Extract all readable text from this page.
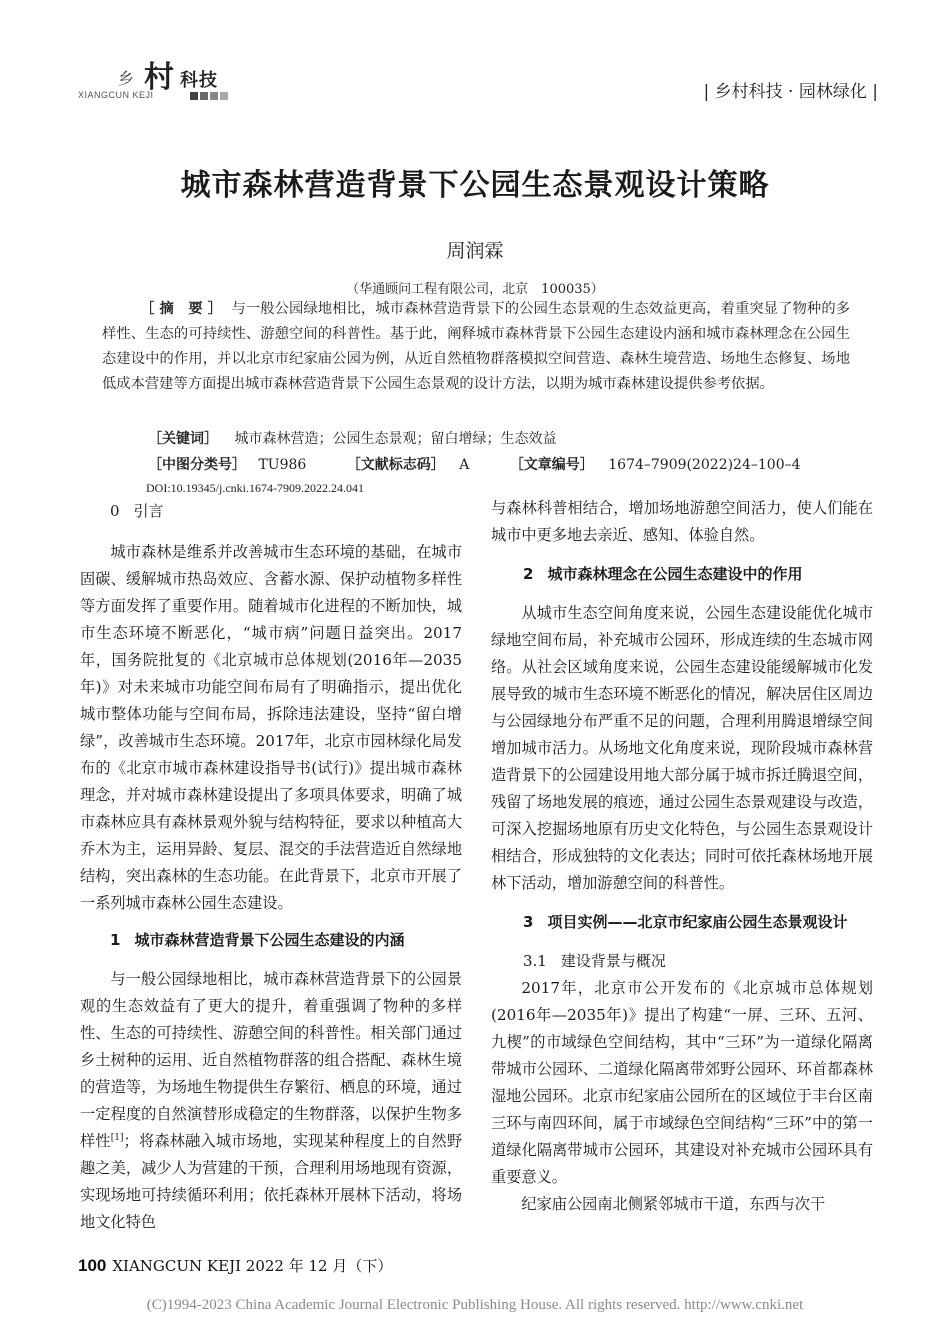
乡 村 科技
XIANGCUN KEJI	| 乡村科技 · 园林绿化 |
城市森林营造背景下公园生态景观设计策略
周润霖
（华通顾问工程有限公司，北京　100035）
［ 摘　要 ］ 与一般公园绿地相比，城市森林营造背景下的公园生态景观的生态效益更高，着重突显了物种的多样性、生态的可持续性、游憩空间的科普性。基于此，阐释城市森林背景下公园生态建设内涵和城市森林理念在公园生态建设中的作用，并以北京市纪家庙公园为例，从近自然植物群落模拟空间营造、森林生境营造、场地生态修复、场地低成本营建等方面提出城市森林营造背景下公园生态景观的设计方法，以期为城市森林建设提供参考依据。
［关键词］ 城市森林营造；公园生态景观；留白增绿；生态效益
［中图分类号］ TU986	［文献标志码］ A	［文章编号］ 1674–7909(2022)24–100–4
DOI:10.19345/j.cnki.1674-7909.2022.24.041
0 引言

城市森林是维系并改善城市生态环境的基础，在城市固碳、缓解城市热岛效应、含蓄水源、保护动植物多样性等方面发挥了重要作用。随着城市化进程的不断加快，城市生态环境不断恶化，“城市病”问题日益突出。2017年，国务院批复的《北京城市总体规划(2016年—2035年)》对未来城市功能空间布局有了明确指示，提出优化城市整体功能与空间布局，拆除违法建设，坚持“留白增绿”，改善城市生态环境。2017年，北京市园林绿化局发布的《北京市城市森林建设指导书(试行)》提出城市森林理念，并对城市森林建设提出了多项具体要求，明确了城市森林应具有森林景观外貌与结构特征，要求以种植高大乔木为主，运用异龄、复层、混交的手法营造近自然绿地结构，突出森林的生态功能。在此背景下，北京市开展了一系列城市森林公园生态建设。

1 城市森林营造背景下公园生态建设的内涵

与一般公园绿地相比，城市森林营造背景下的公园景观的生态效益有了更大的提升，着重强调了物种的多样性、生态的可持续性、游憩空间的科普性。相关部门通过乡土树种的运用、近自然植物群落的组合搭配、森林生境的营造等，为场地生物提供生存繁衍、栖息的环境，通过一定程度的自然演替形成稳定的生物群落，以保护生物多样性[1]；将森林融入城市场地，实现某种程度上的自然野趣之美，减少人为营建的干预，合理利用场地现有资源，实现场地可持续循环利用；依托森林开展林下活动，将场地文化特色

与森林科普相结合，增加场地游憩空间活力，使人们能在城市中更多地去亲近、感知、体验自然。
2 城市森林理念在公园生态建设中的作用

从城市生态空间角度来说，公园生态建设能优化城市绿地空间布局，补充城市公园环，形成连续的生态城市网络。从社会区域角度来说，公园生态建设能缓解城市化发展导致的城市生态环境不断恶化的情况，解决居住区周边与公园绿地分布严重不足的问题，合理利用腾退增绿空间增加城市活力。从场地文化角度来说，现阶段城市森林营造背景下的公园建设用地大部分属于城市拆迁腾退空间，残留了场地发展的痕迹，通过公园生态景观建设与改造，可深入挖掘场地原有历史文化特色，与公园生态景观设计相结合，形成独特的文化表达；同时可依托森林场地开展林下活动，增加游憩空间的科普性。

3 项目实例——北京市纪家庙公园生态景观设计
3.1 建设背景与概况

2017年，北京市公开发布的《北京城市总体规划(2016年—2035年)》提出了构建“一屏、三环、五河、九楔”的市域绿色空间结构，其中“三环”为一道绿化隔离带城市公园环、二道绿化隔离带郊野公园环、环首都森林湿地公园环。北京市纪家庙公园所在的区域位于丰台区南三环与南四环间，属于市域绿色空间结构“三环”中的第一道绿化隔离带城市公园环，其建设对补充城市公园环具有重要意义。

纪家庙公园南北侧紧邻城市干道，东西与次干

100 XIANGCUN KEJI 2022 年 12 月（下）
(C)1994-2023 China Academic Journal Electronic Publishing House. All rights reserved. http://www.cnki.net
